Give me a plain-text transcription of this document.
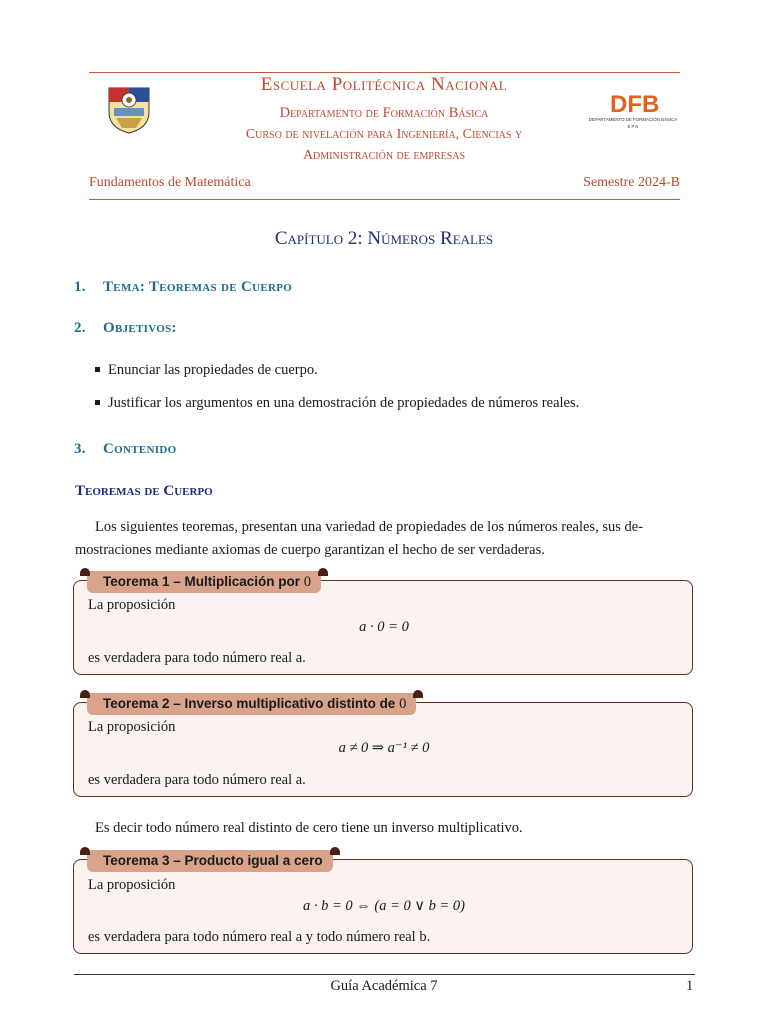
DFB
DEPARTAMENTO DE FORMACIÓN BÁSICA
E P N
Escuela Politécnica Nacional
Departamento de Formación Básica
Curso de nivelación para Ingeniería, Ciencias y
Administración de empresas
Fundamentos de Matemática	Semestre 2024-B
Capítulo 2: Números Reales
1. Tema: Teoremas de Cuerpo
2. Objetivos:
Enunciar las propiedades de cuerpo.
Justificar los argumentos en una demostración de propiedades de números reales.
3. Contenido
Teoremas de Cuerpo
Los siguientes teoremas, presentan una variedad de propiedades de los números reales, sus de-
mostraciones mediante axiomas de cuerpo garantizan el hecho de ser verdaderas.
Teorema 1 – Multiplicación por 0
La proposición
a · 0 = 0
es verdadera para todo número real a.
Teorema 2 – Inverso multiplicativo distinto de 0
La proposición
a ≠ 0 ⇒ a⁻¹ ≠ 0
es verdadera para todo número real a.
Es decir todo número real distinto de cero tiene un inverso multiplicativo.
Teorema 3 – Producto igual a cero
La proposición
a · b = 0 ⇔ (a = 0 ∨ b = 0)
es verdadera para todo número real a y todo número real b.
Guía Académica 7	1
